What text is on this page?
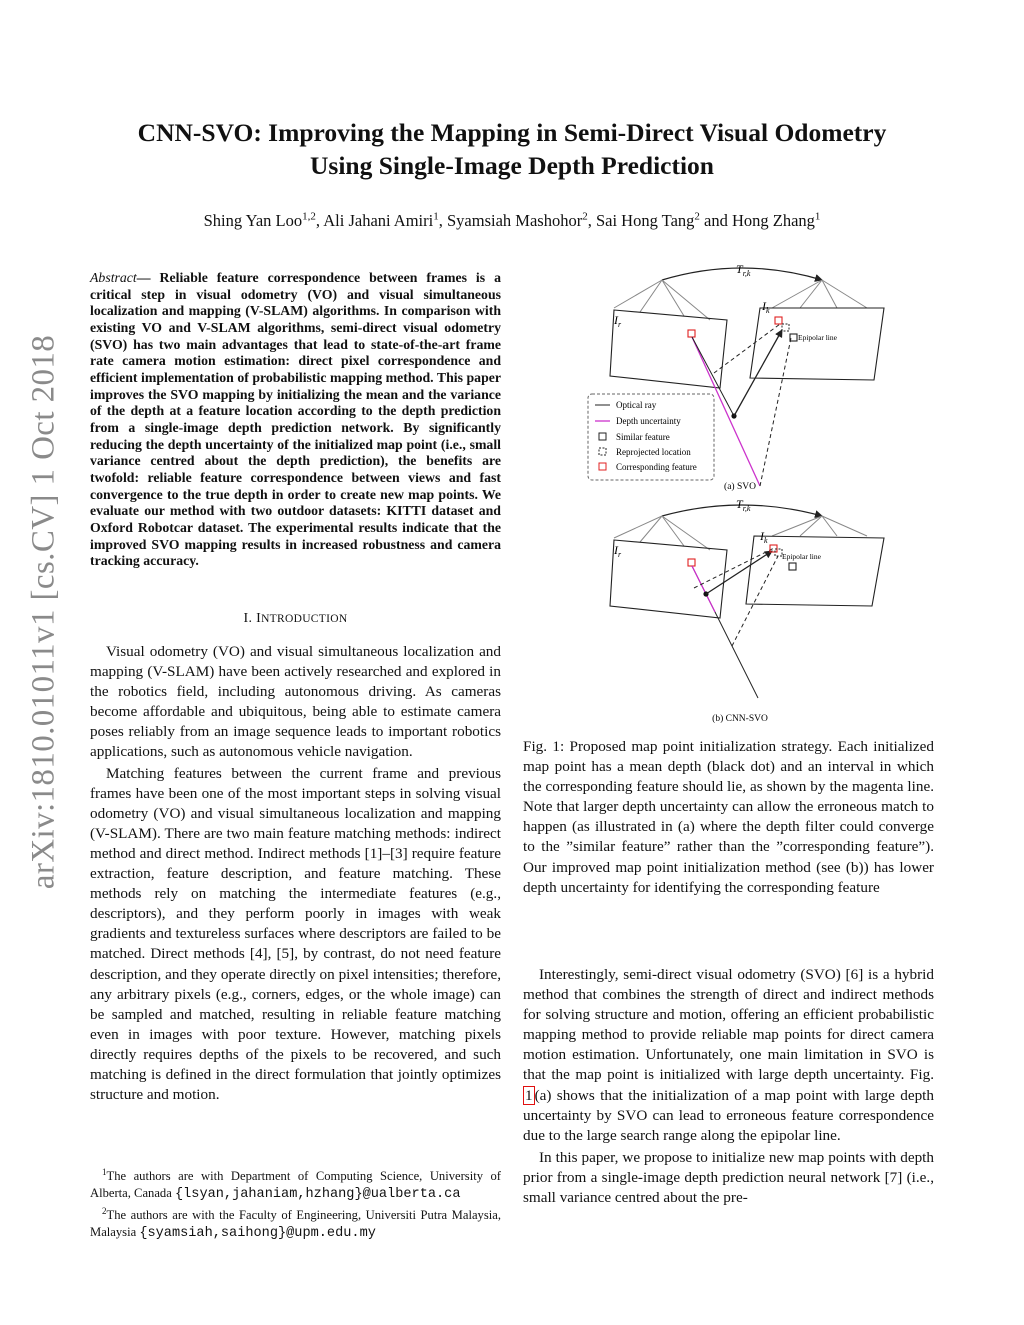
arXiv:1810.01011v1 [cs.CV] 1 Oct 2018
CNN-SVO: Improving the Mapping in Semi-Direct Visual Odometry
Using Single-Image Depth Prediction
Shing Yan Loo$^{1,2}$, Ali Jahani Amiri$^1$, Syamsiah Mashohor$^2$, Sai Hong Tang$^2$ and Hong Zhang$^1$
Abstract— Reliable feature correspondence between frames is a critical step in visual odometry (VO) and visual simultaneous localization and mapping (V-SLAM) algorithms. In comparison with existing VO and V-SLAM algorithms, semi-direct visual odometry (SVO) has two main advantages that lead to state-of-the-art frame rate camera motion estimation: direct pixel correspondence and efficient implementation of probabilistic mapping method. This paper improves the SVO mapping by initializing the mean and the variance of the depth at a feature location according to the depth prediction from a single-image depth prediction network. By significantly reducing the depth uncertainty of the initialized map point (i.e., small variance centred about the depth prediction), the benefits are twofold: reliable feature correspondence between views and fast convergence to the true depth in order to create new map points. We evaluate our method with two outdoor datasets: KITTI dataset and Oxford Robotcar dataset. The experimental results indicate that the improved SVO mapping results in increased robustness and camera tracking accuracy.
I. INTRODUCTION

Visual odometry (VO) and visual simultaneous localization and mapping (V-SLAM) have been actively researched and explored in the robotics field, including autonomous driving. As cameras become affordable and ubiquitous, being able to estimate camera poses reliably from an image sequence leads to important robotics applications, such as autonomous vehicle navigation.

Matching features between the current frame and previous frames have been one of the most important steps in solving visual odometry (VO) and visual simultaneous localization and mapping (V-SLAM). There are two main feature matching methods: indirect method and direct method. Indirect methods [1]–[3] require feature extraction, feature description, and feature matching. These methods rely on matching the intermediate features (e.g., descriptors), and they perform poorly in images with weak gradients and textureless surfaces where descriptors are failed to be matched. Direct methods [4], [5], by contrast, do not need feature description, and they operate directly on pixel intensities; therefore, any arbitrary pixels (e.g., corners, edges, or the whole image) can be sampled and matched, resulting in reliable feature matching even in images with poor texture. However, matching pixels directly requires depths of the pixels to be recovered, and such matching is defined in the direct formulation that jointly optimizes structure and motion.

$^1$The authors are with Department of Computing Science, University of Alberta, Canada {lsyan,jahaniam,hzhang}@ualberta.ca

$^2$The authors are with the Faculty of Engineering, Universiti Putra Malaysia, Malaysia {syamsiah,saihong}@upm.edu.my

$T_{r,k}$
$I_r$
$I_k$
Epipolar line
Optical ray
Depth uncertainty
Similar feature
Reprojected location
Corresponding feature
(a) SVO
$T_{r,k}$
$I_r$
$I_k$
Epipolar line
(b) CNN-SVO
Fig. 1: Proposed map point initialization strategy. Each initialized map point has a mean depth (black dot) and an interval in which the corresponding feature should lie, as shown by the magenta line. Note that larger depth uncertainty can allow the erroneous match to happen (as illustrated in (a) where the depth filter could converge to the ”similar feature” rather than the ”corresponding feature”). Our improved map point initialization method (see (b)) has lower depth uncertainty for identifying the corresponding feature

Interestingly, semi-direct visual odometry (SVO) [6] is a hybrid method that combines the strength of direct and indirect methods for solving structure and motion, offering an efficient probabilistic mapping method to provide reliable map points for direct camera motion estimation. Unfortunately, one main limitation in SVO is that the map point is initialized with large depth uncertainty. Fig. 1 (a) shows that the initialization of a map point with large depth uncertainty by SVO can lead to erroneous feature correspondence due to the large search range along the epipolar line.

In this paper, we propose to initialize new map points with depth prior from a single-image depth prediction neural network [7] (i.e., small variance centred about the pre-
